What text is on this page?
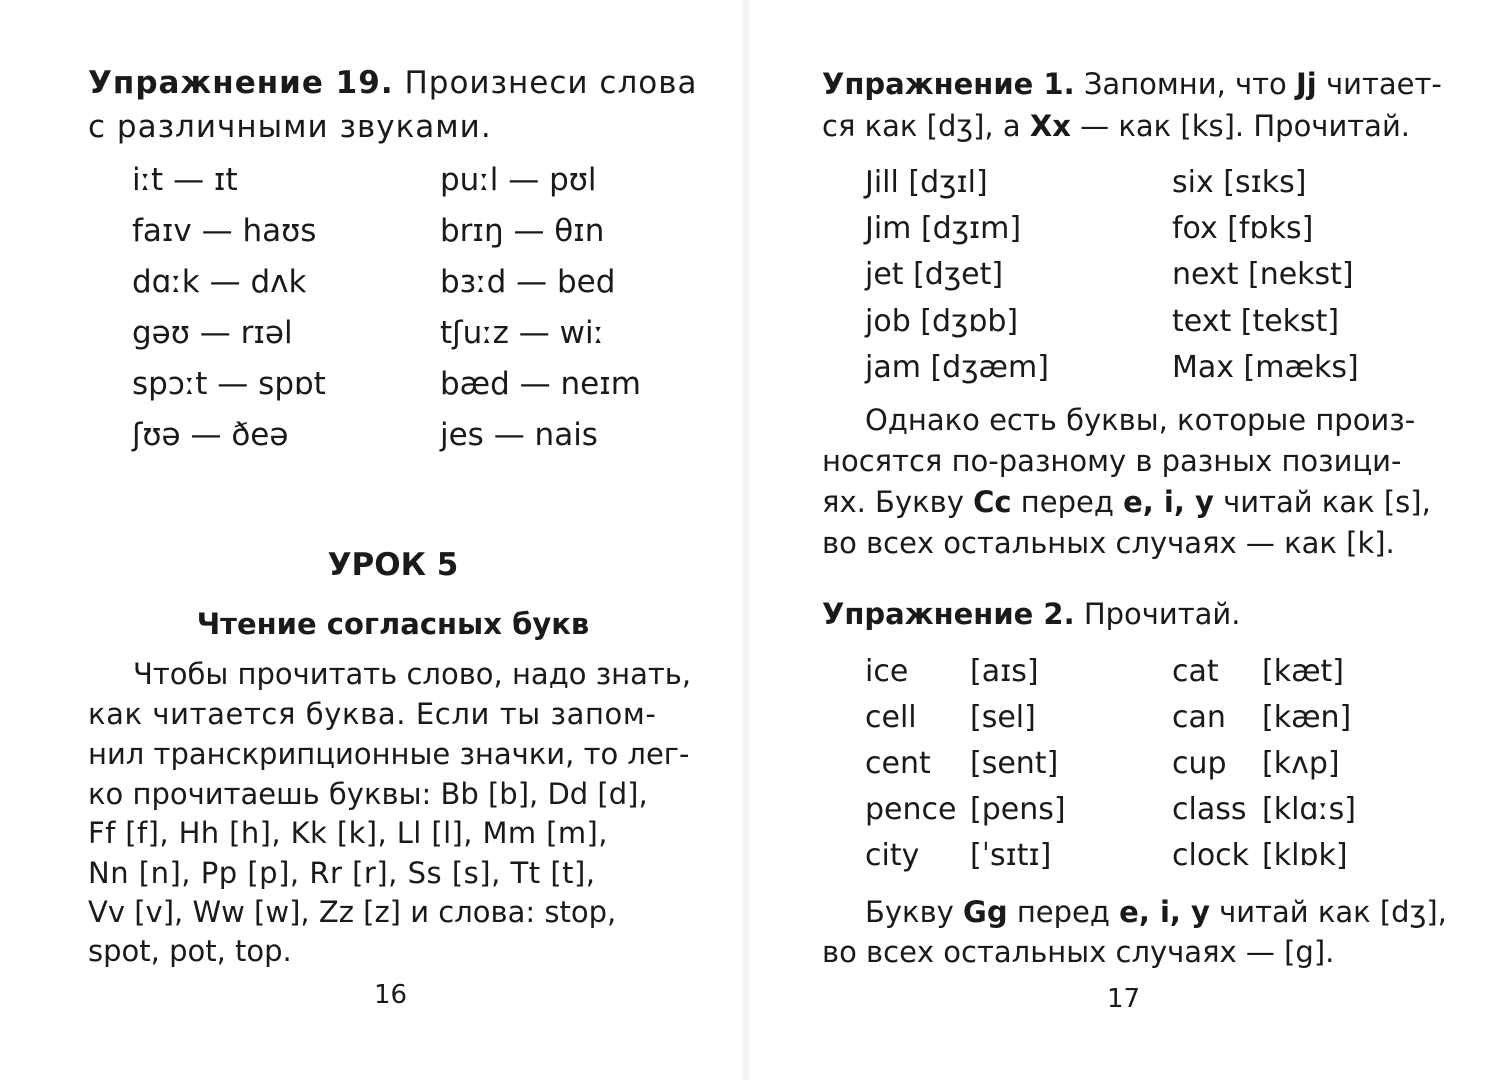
Упражнение 19. Произнеси слова
с различными звуками.
iːt — ɪt	puːl — pʊl
faɪv — haʊs	brɪŋ — θɪn
dɑːk — dʌk	bɜːd — bed
gəʊ — rɪəl	tʃuːz — wiː
spɔːt — spɒt	bæd — neɪm
ʃʊə — ðeə	jes — nais
УРОК 5
Чтение согласных букв
Чтобы прочитать слово, надо знать,
как читается буква. Если ты запом-
нил транскрипционные значки, то лег-
ко прочитаешь буквы: Bb [b], Dd [d],
Ff [f], Hh [h], Kk [k], Ll [l], Mm [m],
Nn [n], Pp [p], Rr [r], Ss [s], Tt [t],
Vv [v], Ww [w], Zz [z] и слова: stop,
spot, pot, top.
16
Упражнение 1. Запомни, что Jj читает-
ся как [dʒ], а Xx — как [ks]. Прочитай.
Jill [dʒɪl]	six [sɪks]
Jim [dʒɪm]	fox [fɒks]
jet [dʒet]	next [nekst]
job [dʒɒb]	text [tekst]
jam [dʒæm]	Max [mæks]
Однако есть буквы, которые произ-
носятся по-разному в разных позици-
ях. Букву Cc перед e, i, y читай как [s],
во всех остальных случаях — как [k].
Упражнение 2. Прочитай.
ice [aɪs]	cat [kæt]
cell [sel]	can [kæn]
cent [sent]	cup [kʌp]
pence [pens]	class [klɑːs]
city [ˈsɪtɪ]	clock [klɒk]
Букву Gg перед e, i, y читай как [dʒ],
во всех остальных случаях — [g].
17
